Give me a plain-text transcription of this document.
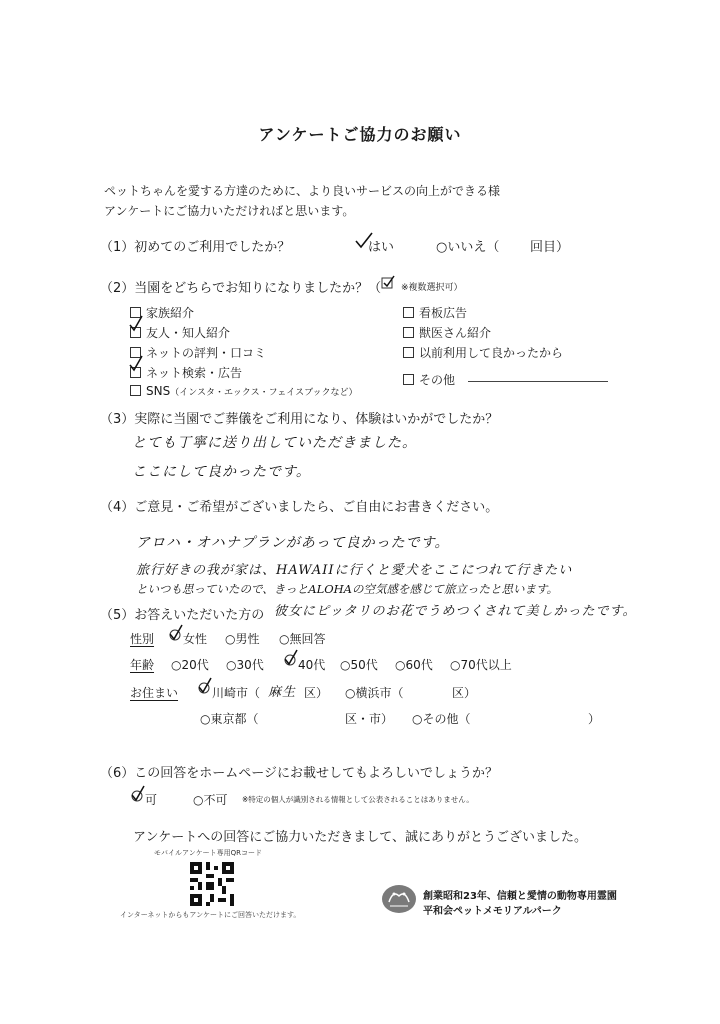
アンケートご協力のお願い
ペットちゃんを愛する方達のために、より良いサービスの向上ができる様
アンケートにご協力いただければと思います。
（1）初めてのご利用でしたか？	はい	○いいえ（ 回目）
（2）当園をどちらでお知りになりましたか？（ ※複数選択可）
家族紹介
友人・知人紹介
ネットの評判・口コミ
ネット検索・広告
SNS（インスタ・エックス・フェイスブックなど）
看板広告
獣医さん紹介
以前利用して良かったから
その他
（3）実際に当園でご葬儀をご利用になり、体験はいかがでしたか？
とても丁寧に送り出していただきました。
ここにして良かったです。
（4）ご意見・ご希望がございましたら、ご自由にお書きください。
アロハ・オハナプランがあって良かったです。
旅行好きの我が家は、HAWAIIに行くと愛犬をここにつれて行きたい
といつも思っていたので、きっとALOHAの空気感を感じて旅立ったと思います。
（5）お答えいただいた方の 彼女にピッタリのお花でうめつくされて美しかったです。
性別 女性 ○男性 ○無回答
年齢 ○20代 ○30代	40代 ○50代 ○60代 ○70代以上
お住まい	川崎市（ 麻生 区） ○横浜市（	区）
○東京都（	区・市） ○その他（	）
（6）この回答をホームページにお載せしてもよろしいでしょうか？
可	○不可 ※特定の個人が識別される情報として公表されることはありません。
アンケートへの回答にご協力いただきまして、誠にありがとうございました。
モバイルアンケート専用QRコード
インターネットからもアンケートにご回答いただけます。
創業昭和23年、信頼と愛情の動物専用霊園
平和会ペットメモリアルパーク
